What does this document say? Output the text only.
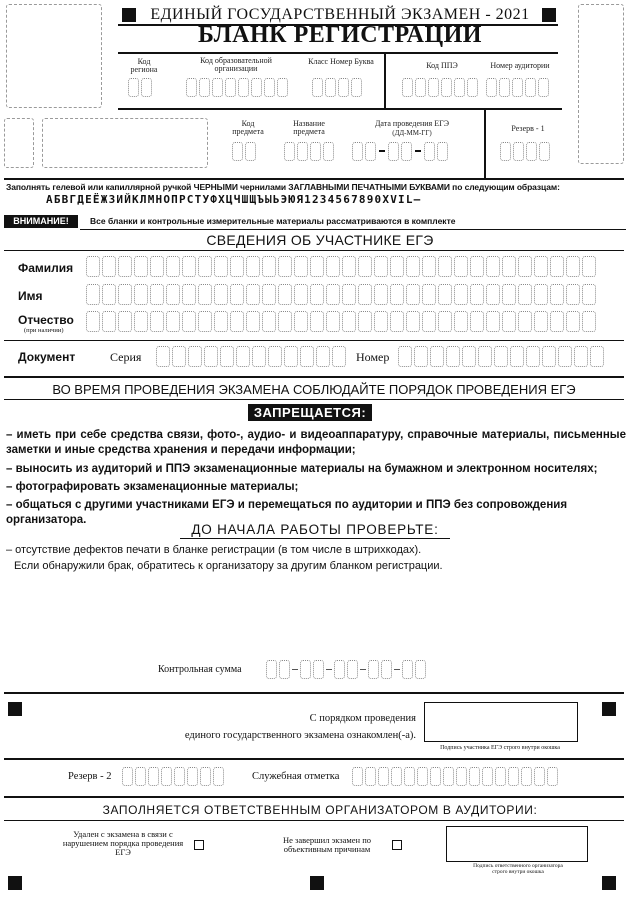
ЕДИНЫЙ ГОСУДАРСТВЕННЫЙ ЭКЗАМЕН - 2021
БЛАНК РЕГИСТРАЦИИ
Код региона
Код образовательной организации
Класс Номер Буква	Код ППЭ	Номер аудитории
Код предмета
Название предмета
Дата проведения ЕГЭ
(ДД-ММ-ГГ)	Резерв - 1
Заполнять гелевой или капиллярной ручкой ЧЕРНЫМИ чернилами ЗАГЛАВНЫМИ ПЕЧАТНЫМИ БУКВАМИ по следующим образцам:
АБВГДЕЁЖЗИЙКЛМНОПРСТУФХЦЧШЩЪЫЬЭЮЯ1234567890XVIL–
ВНИМАНИЕ!	Все бланки и контрольные измерительные материалы рассматриваются в комплекте
СВЕДЕНИЯ ОБ УЧАСТНИКЕ ЕГЭ
Фамилия
Имя
Отчество
(при наличии)
Документ	Серия	Номер
ВО ВРЕМЯ ПРОВЕДЕНИЯ ЭКЗАМЕНА СОБЛЮДАЙТЕ ПОРЯДОК ПРОВЕДЕНИЯ ЕГЭ
ЗАПРЕЩАЕТСЯ:
– иметь при себе средства связи, фото-, аудио- и видеоаппаратуру, справочные материалы, письменные заметки и иные средства хранения и передачи информации;
– выносить из аудиторий и ППЭ экзаменационные материалы на бумажном и электронном носителях;
– фотографировать экзаменационные материалы;
– общаться с другими участниками ЕГЭ и перемещаться по аудитории и ППЭ без сопровождения организатора.
ДО НАЧАЛА РАБОТЫ ПРОВЕРЬТЕ:
– отсутствие дефектов печати в бланке регистрации (в том числе в штрихкодах).
Если обнаружили брак, обратитесь к организатору за другим бланком регистрации.
Контрольная сумма
С порядком проведения
единого государственного экзамена ознакомлен(-а).
Подпись участника ЕГЭ строго внутри окошка
Резерв - 2	Служебная отметка
ЗАПОЛНЯЕТСЯ ОТВЕТСТВЕННЫМ ОРГАНИЗАТОРОМ В АУДИТОРИИ:
Удален с экзамена в связи с нарушением порядка проведения ЕГЭ
Не завершил экзамен по объективным причинам
Подпись ответственного организатора строго внутри окошка
